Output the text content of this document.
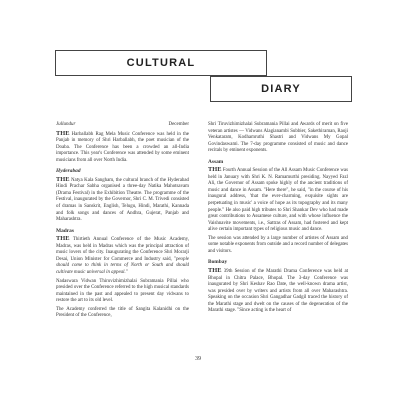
CULTURAL
DIARY
Jullundur	December

THE Harballabh Rag Mela Music Conference was held in the Panjab in memory of Shri Harballabh, the poet musician of the Doaba. The Conference has been a crowded an all-India importance. This year's Conference was attended by some eminent musicians from all over North India.

Hyderabad

THE Natya Kala Sangham, the cultural branch of the Hyderabad Hindi Prachar Sabha organised a three-day Natika Mahotsavam (Drama Festival) in the Exhibition Theatre. The programme of the Festival, inaugurated by the Governor, Shri C. M. Trivedi consisted of dramas in Sanskrit, English, Telugu, Hindi, Marathi, Kannada and folk songs and dances of Andhra, Gujerat, Panjab and Maharashtra.

Madras

THE Thirtieth Annual Conference of the Music Academy, Madras, was held in Madras which was the principal attraction of music lovers of the city. Inaugurating the Conference Shri Morarji Desai, Union Minister for Commerce and Industry said, "people should come to think in terms of North or South and should cultivate music universal in appeal."

Nadaswara Vidwan Thiruvizhimizhalai Subramania Pillai who presided over the Conference referred to the high musical standards maintained in the past and appealed to present day vidwans to restore the art to its old level.

The Academy conferred the title of Sangita Kalanidhi on the President of the Conference,

Shri Tiruvizhimizhalai Subramania Pillai and Awards of merit on five veteran artistes — Vidwans Alagianambi Subbier, Sakethiraman, Raoji Venkataram, Kodhamruthi Shastri and Vidwans My Gopal Govindaswami. The 7-day programme consisted of music and dance recitals by eminent exponents.

Assam

THE Fourth Annual Session of the All Assam Music Conference was held in January with Shri K. N. Ramamurthi presiding. Nayyed Fazl Ali, the Governor of Assam spoke highly of the ancient traditions of music and dance in Assam. "Here there", he said, "in the course of his inaugural address, 'that the ever-charming, exquisite sights are perpetuating in music' a voice of hope as its topography and its many people." He also paid high tributes to Shri Shankar Dev who had made great contributions to Assamese culture, and with whose influence the Vaishnavite movements, i.e., Sattras of Assam, had fostered and kept alive certain important types of religious music and dance.

The session was attended by a large number of artistes of Assam and some notable exponents from outside and a record number of delegates and visitors.

Bombay

THE 39th Session of the Marathi Drama Conference was held at Bhopal in Chitra Palace, Bhopal. The 3-day Conference was inaugurated by Shri Keshav Rao Date, the well-known drama artist, was presided over by writers and artists from all over Maharashtra. Speaking on the occasion Shri Gangadhar Gadgil traced the history of the Marathi stage and dwelt on the causes of the degeneration of the Marathi stage. "Since acting is the heart of

39
